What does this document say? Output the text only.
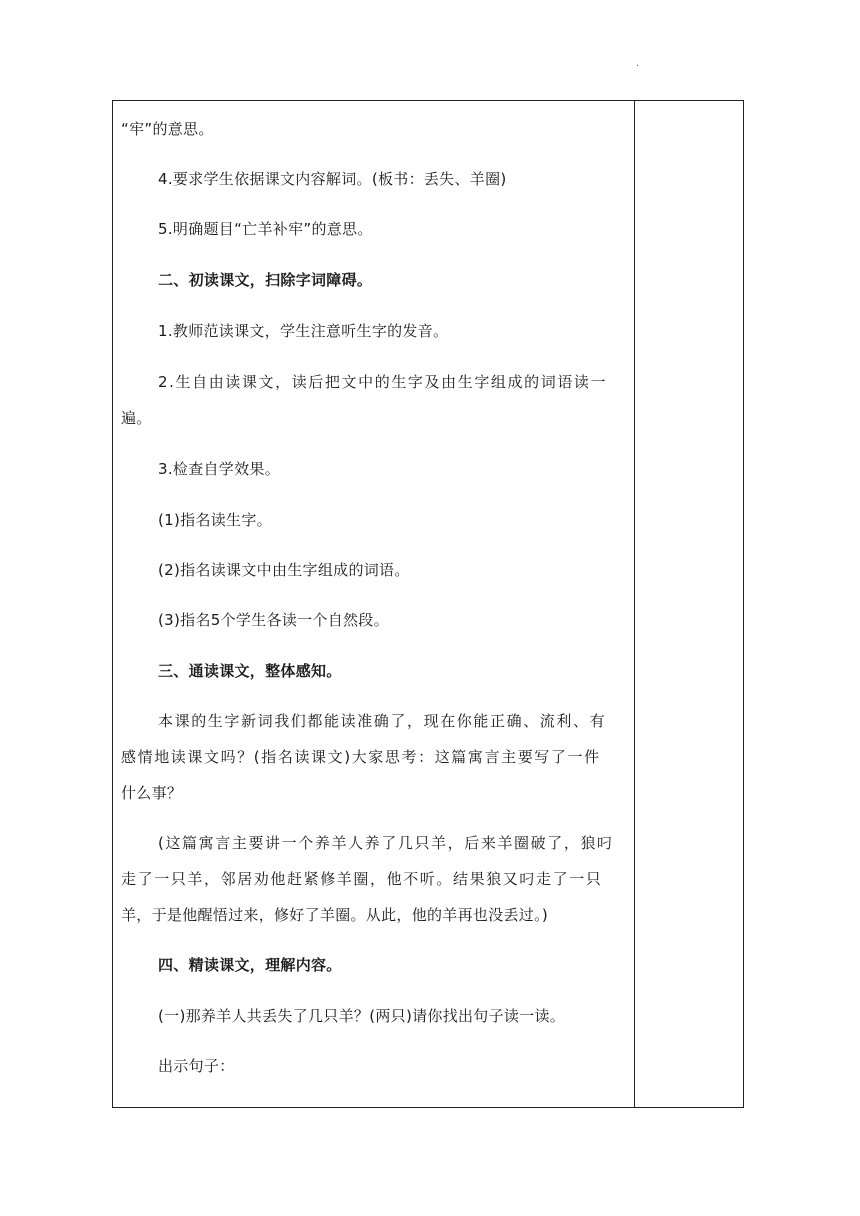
.
“牢”的意思。
4.要求学生依据课文内容解词。(板书：丢失、羊圈)
5.明确题目“亡羊补牢”的意思。
二、初读课文，扫除字词障碍。
1.教师范读课文，学生注意听生字的发音。
2.生自由读课文，读后把文中的生字及由生字组成的词语读一
遍。
3.检查自学效果。
(1)指名读生字。
(2)指名读课文中由生字组成的词语。
(3)指名5个学生各读一个自然段。
三、通读课文，整体感知。
本课的生字新词我们都能读准确了，现在你能正确、流利、有
感情地读课文吗？(指名读课文)大家思考：这篇寓言主要写了一件
什么事？
(这篇寓言主要讲一个养羊人养了几只羊，后来羊圈破了，狼叼
走了一只羊，邻居劝他赶紧修羊圈，他不听。结果狼又叼走了一只
羊，于是他醒悟过来，修好了羊圈。从此，他的羊再也没丢过。)
四、精读课文，理解内容。
(一)那养羊人共丢失了几只羊？(两只)请你找出句子读一读。
出示句子：
